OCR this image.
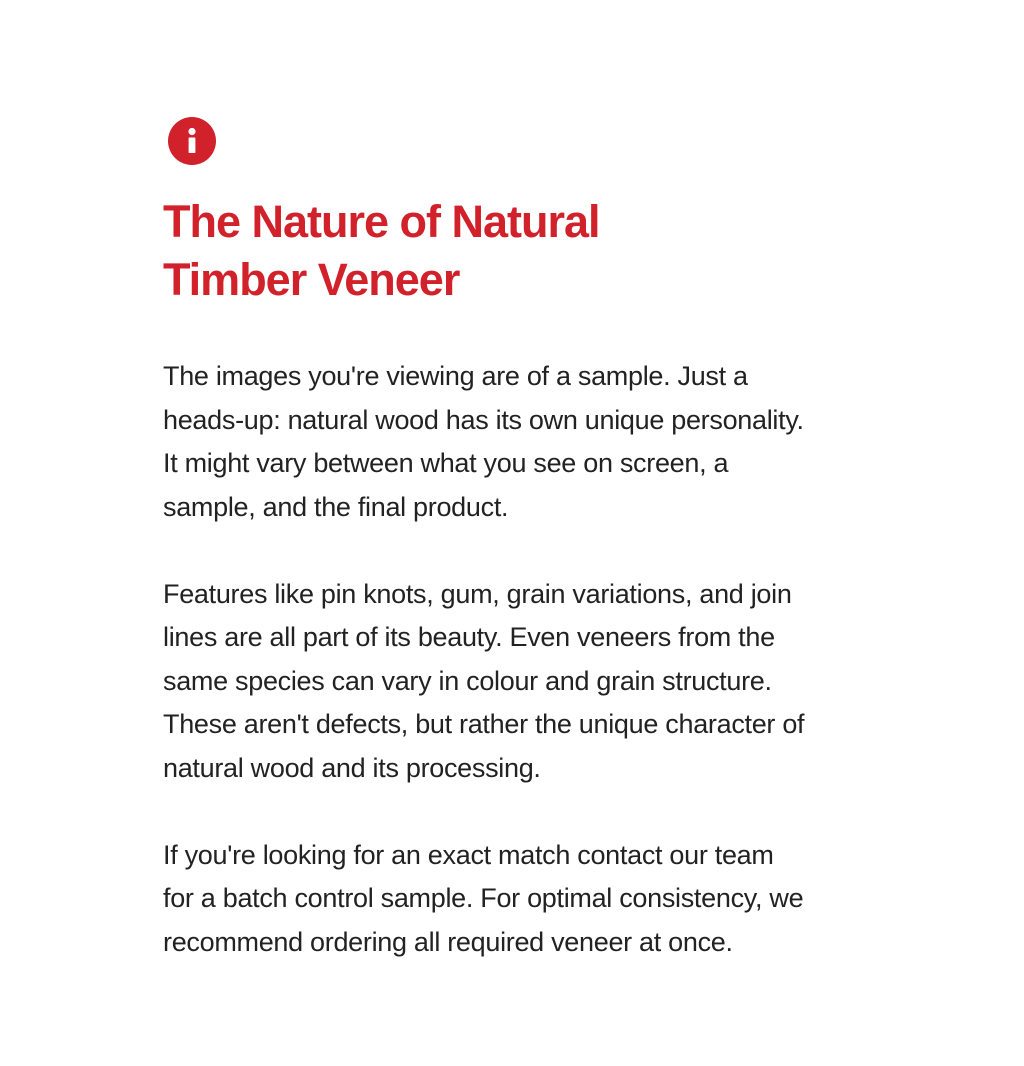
The Nature of Natural
Timber Veneer

The images you're viewing are of a sample. Just a
heads-up: natural wood has its own unique personality.
It might vary between what you see on screen, a
sample, and the final product.

Features like pin knots, gum, grain variations, and join
lines are all part of its beauty. Even veneers from the
same species can vary in colour and grain structure.
These aren't defects, but rather the unique character of
natural wood and its processing.

If you're looking for an exact match contact our team
for a batch control sample. For optimal consistency, we
recommend ordering all required veneer at once.
